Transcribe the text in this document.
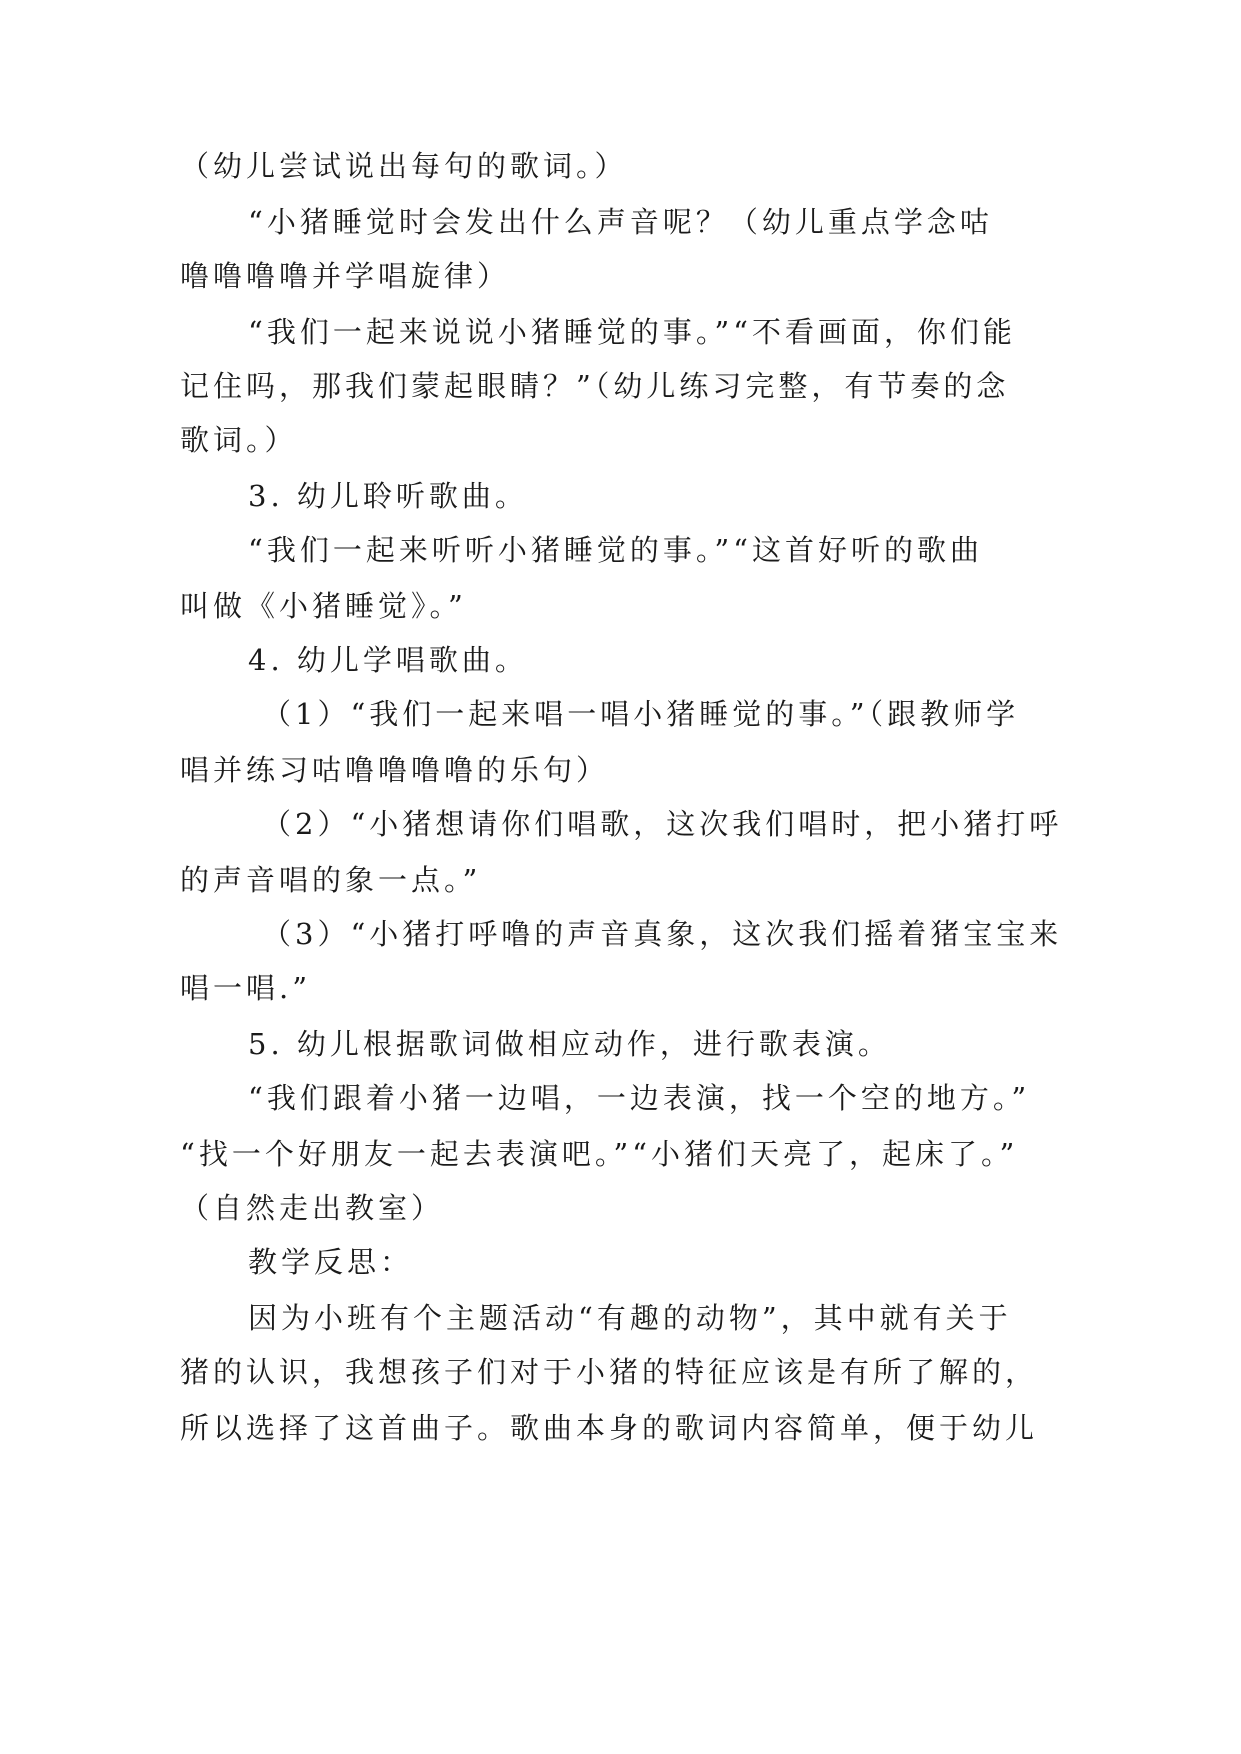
（幼儿尝试说出每句的歌词。）
“小猪睡觉时会发出什么声音呢？（幼儿重点学念咕
噜噜噜噜并学唱旋律）
“我们一起来说说小猪睡觉的事。”“不看画面，你们能
记住吗，那我们蒙起眼睛？”（幼儿练习完整，有节奏的念
歌词。）
3. 幼儿聆听歌曲。
“我们一起来听听小猪睡觉的事。”“这首好听的歌曲
叫做《小猪睡觉》。”
4. 幼儿学唱歌曲。
（1）“我们一起来唱一唱小猪睡觉的事。”（跟教师学
唱并练习咕噜噜噜噜的乐句）
（2）“小猪想请你们唱歌，这次我们唱时，把小猪打呼
的声音唱的象一点。”
（3）“小猪打呼噜的声音真象，这次我们摇着猪宝宝来
唱一唱.”
5. 幼儿根据歌词做相应动作，进行歌表演。
“我们跟着小猪一边唱，一边表演，找一个空的地方。”
“找一个好朋友一起去表演吧。”“小猪们天亮了，起床了。”
（自然走出教室）
教学反思：
因为小班有个主题活动“有趣的动物”，其中就有关于
猪的认识，我想孩子们对于小猪的特征应该是有所了解的，
所以选择了这首曲子。歌曲本身的歌词内容简单，便于幼儿
